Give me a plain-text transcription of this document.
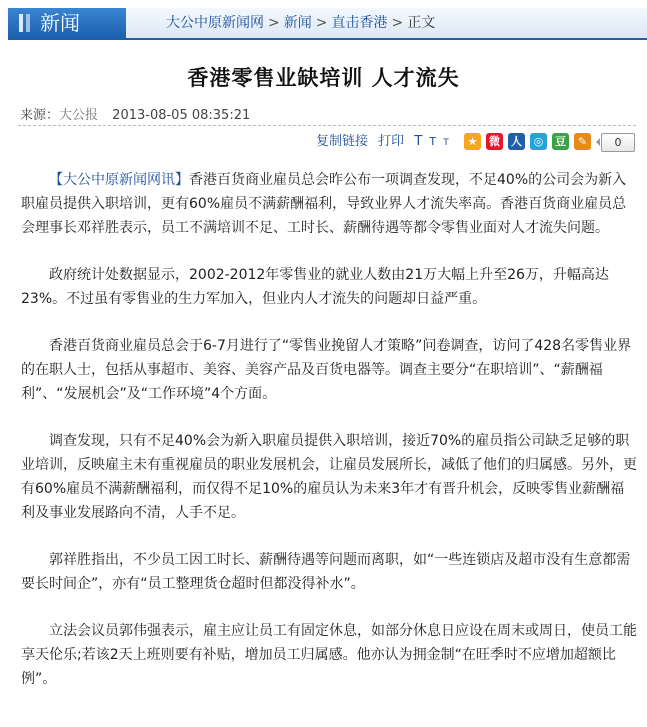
新闻	大公中原新闻网 > 新闻 > 直击香港 > 正文
香港零售业缺培训 人才流失
来源：大公报 2013-08-05 08:35:21
复制链接 打印 T T T	★	微 人	◎	豆	✎	0

【大公中原新闻网讯】香港百货商业雇员总会昨公布一项调查发现，不足40%的公司会为新入职雇员提供入职培训，更有60%雇员不满薪酬福利，导致业界人才流失率高。香港百货商业雇员总会理事长邓祥胜表示，员工不满培训不足、工时长、薪酬待遇等都令零售业面对人才流失问题。

政府统计处数据显示，2002-2012年零售业的就业人数由21万大幅上升至26万，升幅高达23%。不过虽有零售业的生力军加入，但业内人才流失的问题却日益严重。

香港百货商业雇员总会于6-7月进行了“零售业挽留人才策略”问卷调查，访问了428名零售业界的在职人士，包括从事超市、美容、美容产品及百货电器等。调查主要分“在职培训”、“薪酬福利”、“发展机会”及“工作环境”4个方面。

调查发现，只有不足40%会为新入职雇员提供入职培训，接近70%的雇员指公司缺乏足够的职业培训，反映雇主未有重视雇员的职业发展机会，让雇员发展所长，减低了他们的归属感。另外，更有60%雇员不满薪酬福利，而仅得不足10%的雇员认为未来3年才有晋升机会，反映零售业薪酬福利及事业发展路向不清，人手不足。

郭祥胜指出，不少员工因工时长、薪酬待遇等问题而离职，如“一些连锁店及超市没有生意都需要长时间企”，亦有“员工整理货仓超时但都没得补水”。

立法会议员郭伟强表示，雇主应让员工有固定休息，如部分休息日应设在周末或周日，使员工能享天伦乐;若该2天上班则要有补贴，增加员工归属感。他亦认为拥金制“在旺季时不应增加超额比例”。
